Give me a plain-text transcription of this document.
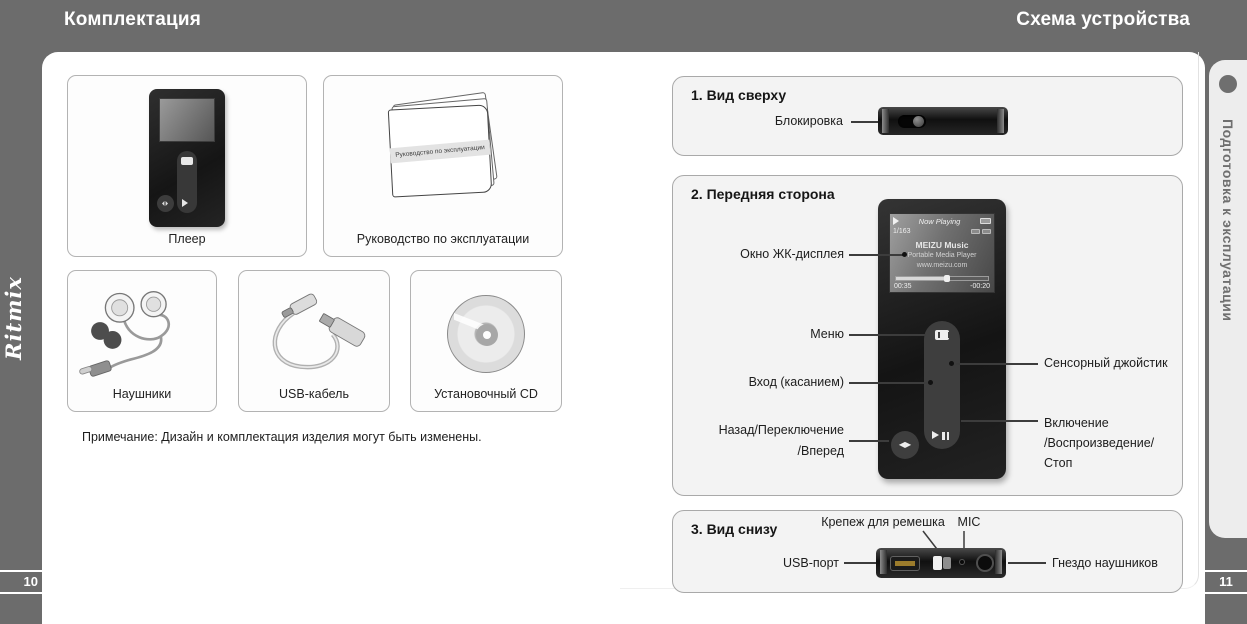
Комплектация	Схема устройства
Ritmix
10	11
Подготовка к эксплуатации
Плеер
Руководство по эксплуатации
Руководство по эксплуатации
Наушники	USB-кабель	Установочный CD
Примечание: Дизайн и комплектация изделия могут быть изменены.
1. Вид сверху
Блокировка
2. Передняя сторона
Now Playing
1/163
MEIZU Music
Portable Media Player
www.meizu.com
00:35	-00:20
◀▶
Окно ЖК-дисплея
Меню
Вход (касанием)
Назад/Переключение
/Вперед
Сенсорный джойстик
Включение
/Воспроизведение/Стоп
3. Вид снизу	Крепеж для ремешка	MIC
USB-порт	Гнездо наушников
